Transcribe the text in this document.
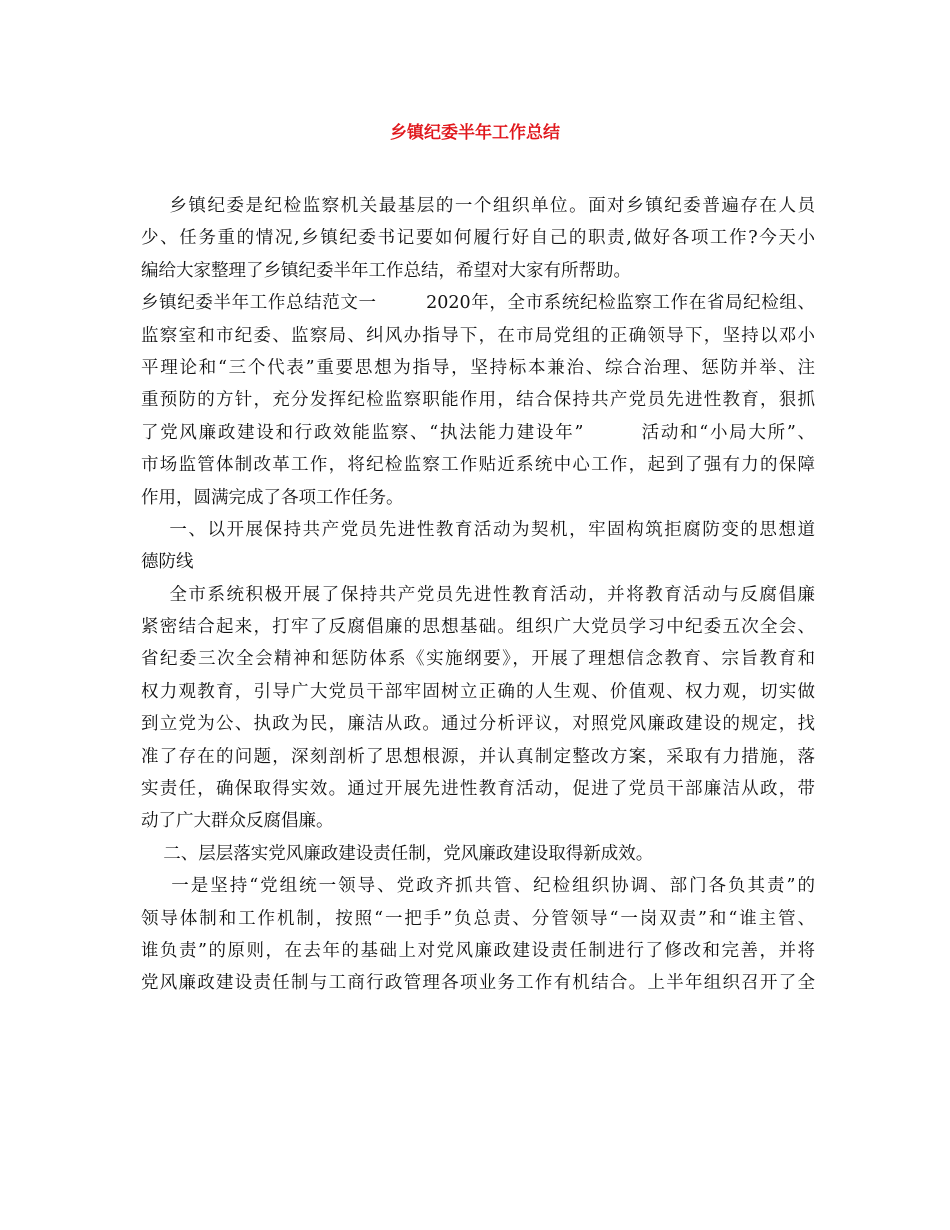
乡镇纪委半年工作总结
乡镇纪委是纪检监察机关最基层的一个组织单位。面对乡镇纪委普遍存在人员
少、任务重的情况,乡镇纪委书记要如何履行好自己的职责,做好各项工作?今天小
编给大家整理了乡镇纪委半年工作总结，希望对大家有所帮助。
乡镇纪委半年工作总结范文一        2020年，全市系统纪检监察工作在省局纪检组、
监察室和市纪委、监察局、纠风办指导下，在市局党组的正确领导下，坚持以邓小
平理论和“三个代表”重要思想为指导，坚持标本兼治、综合治理、惩防并举、注
重预防的方针，充分发挥纪检监察职能作用，结合保持共产党员先进性教育，狠抓
了党风廉政建设和行政效能监察、“执法能力建设年”        活动和“小局大所”、
市场监管体制改革工作，将纪检监察工作贴近系统中心工作，起到了强有力的保障
作用，圆满完成了各项工作任务。
一、以开展保持共产党员先进性教育活动为契机，牢固构筑拒腐防变的思想道
德防线
全市系统积极开展了保持共产党员先进性教育活动，并将教育活动与反腐倡廉
紧密结合起来，打牢了反腐倡廉的思想基础。组织广大党员学习中纪委五次全会、
省纪委三次全会精神和惩防体系《实施纲要》，开展了理想信念教育、宗旨教育和
权力观教育，引导广大党员干部牢固树立正确的人生观、价值观、权力观，切实做
到立党为公、执政为民，廉洁从政。通过分析评议，对照党风廉政建设的规定，找
准了存在的问题，深刻剖析了思想根源，并认真制定整改方案，采取有力措施，落
实责任，确保取得实效。通过开展先进性教育活动，促进了党员干部廉洁从政，带
动了广大群众反腐倡廉。
二、层层落实党风廉政建设责任制，党风廉政建设取得新成效。
一是坚持“党组统一领导、党政齐抓共管、纪检组织协调、部门各负其责”的
领导体制和工作机制，按照“一把手”负总责、分管领导“一岗双责”和“谁主管、
谁负责”的原则，在去年的基础上对党风廉政建设责任制进行了修改和完善，并将
党风廉政建设责任制与工商行政管理各项业务工作有机结合。上半年组织召开了全
